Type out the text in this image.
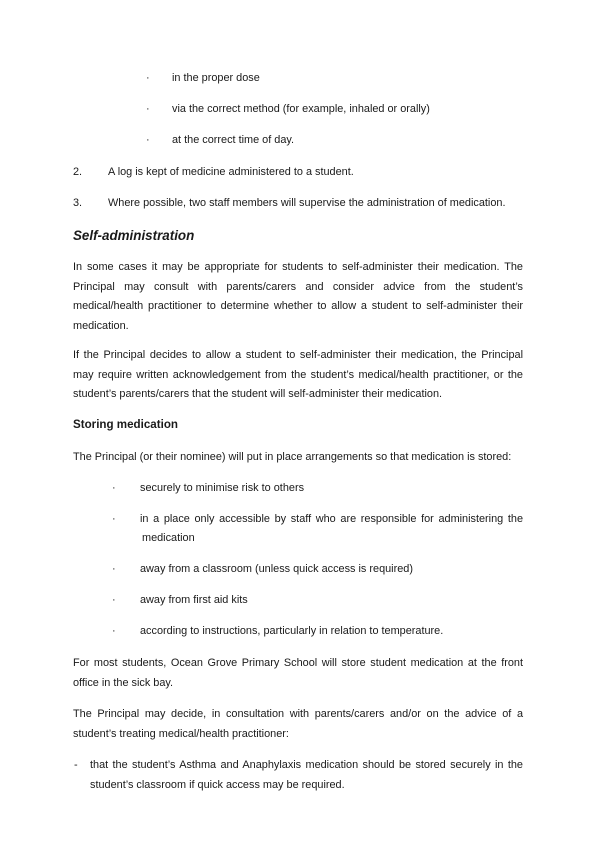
· in the proper dose
· via the correct method (for example, inhaled or orally)
· at the correct time of day.
2. A log is kept of medicine administered to a student.
3. Where possible, two staff members will supervise the administration of medication.
Self-administration

In some cases it may be appropriate for students to self-administer their medication. The Principal may consult with parents/carers and consider advice from the student’s medical/health practitioner to determine whether to allow a student to self-administer their medication.

If the Principal decides to allow a student to self-administer their medication, the Principal may require written acknowledgement from the student’s medical/health practitioner, or the student’s parents/carers that the student will self-administer their medication.

Storing medication
The Principal (or their nominee) will put in place arrangements so that medication is stored:
· securely to minimise risk to others
· in a place only accessible by staff who are responsible for administering the
medication
· away from a classroom (unless quick access is required)
· away from first aid kits
· according to instructions, particularly in relation to temperature.

For most students, Ocean Grove Primary School will store student medication at the front office in the sick bay.

The Principal may decide, in consultation with parents/carers and/or on the advice of a student’s treating medical/health practitioner:

- that the student’s Asthma and Anaphylaxis medication should be stored securely in the student’s classroom if quick access may be required.
